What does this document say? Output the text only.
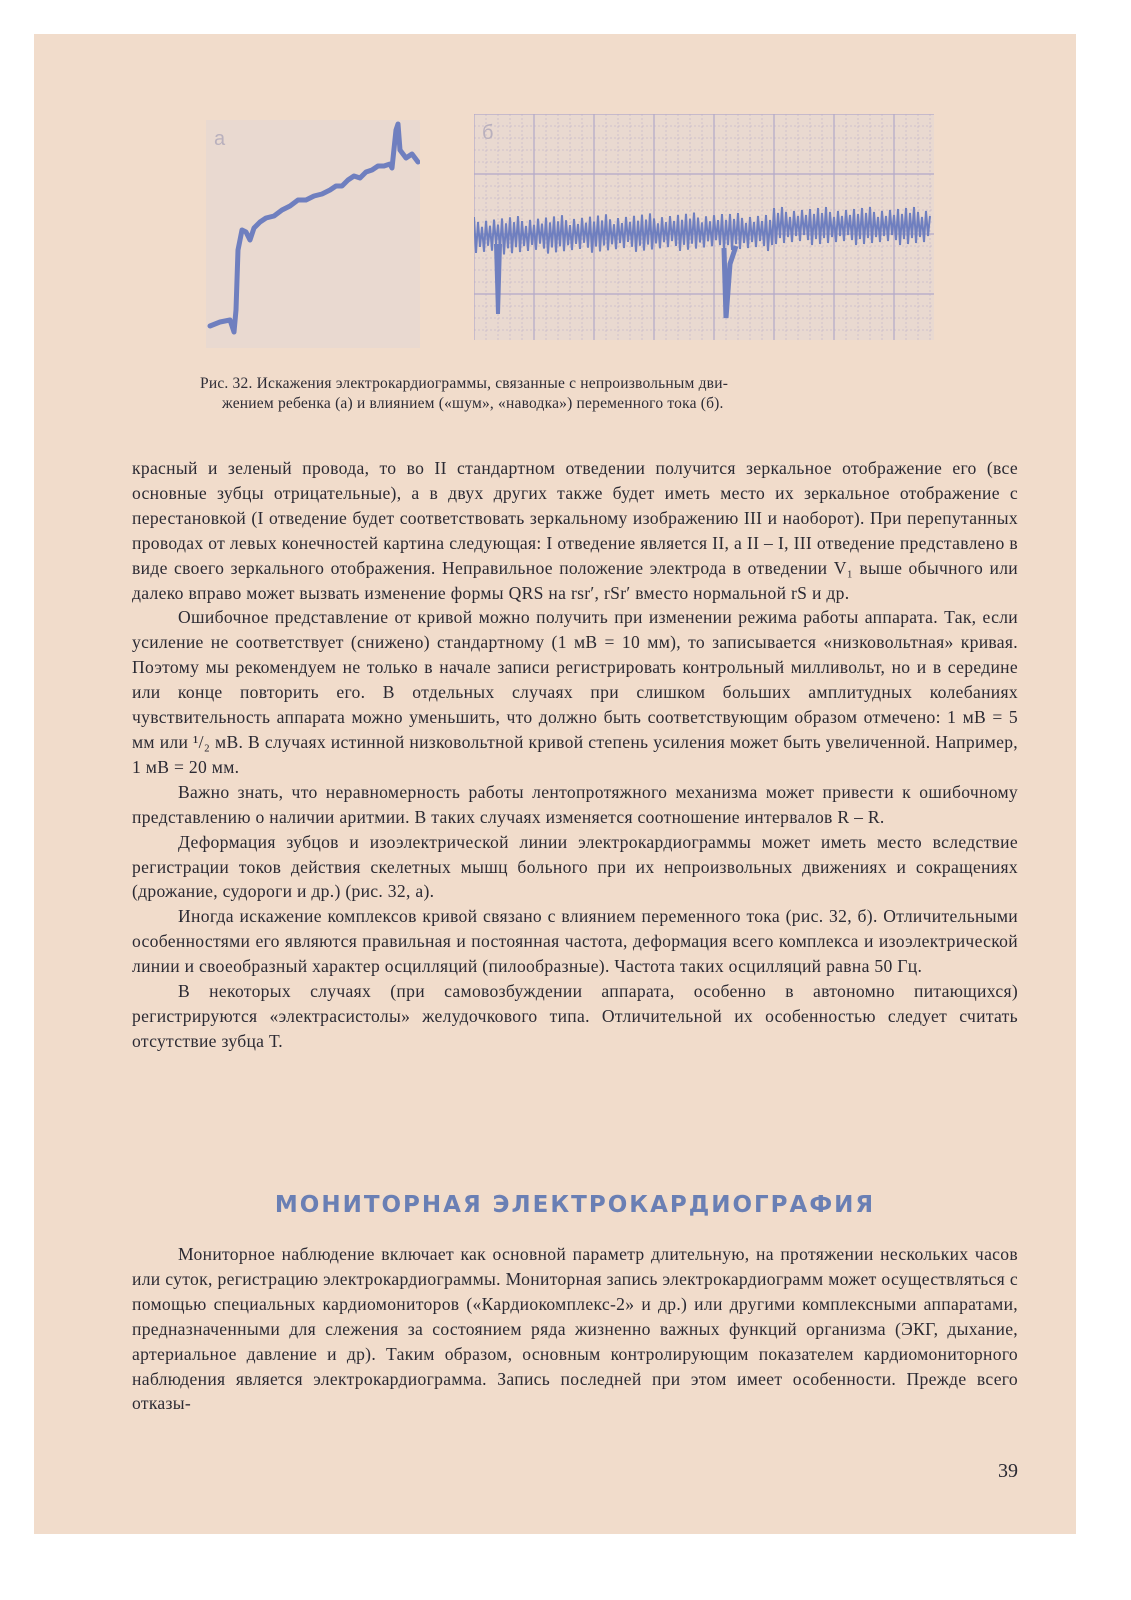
а	б

Рис. 32. Искажения электрокардиограммы, связанные с непроизвольным дви-

жением ребенка (а) и влиянием («шум», «наводка») переменного тока (б).

красный и зеленый провода, то во II стандартном отведении получится зеркальное отображение его (все основные зубцы отрицательные), а в двух других также будет иметь место их зеркальное отображение с перестановкой (I отведение будет соответствовать зеркальному изображению III и наоборот). При перепутанных проводах от левых конечностей картина следующая: I отведение является II, а II – I, III отведение представлено в виде своего зеркального отображения. Неправильное положение электрода в отведении V₁ выше обычного или далеко вправо может вызвать изменение формы QRS на rsr′, rSr′ вместо нормальной rS и др.

Ошибочное представление от кривой можно получить при изменении режима работы аппарата. Так, если усиление не соответствует (снижено) стандартному (1 мВ = 10 мм), то записывается «низковольтная» кривая. Поэтому мы рекомендуем не только в начале записи регистрировать контрольный милливольт, но и в середине или конце повторить его. В отдельных случаях при слишком больших амплитудных колебаниях чувствительность аппарата можно уменьшить, что должно быть соответствующим образом отмечено: 1 мВ = 5 мм или ¹/₂ мВ. В случаях истинной низковольтной кривой степень усиления может быть увеличенной. Например, 1 мВ = 20 мм.

Важно знать, что неравномерность работы лентопротяжного механизма может привести к ошибочному представлению о наличии аритмии. В таких случаях изменяется соотношение интервалов R – R.

Деформация зубцов и изоэлектрической линии электрокардиограммы может иметь место вследствие регистрации токов действия скелетных мышц больного при их непроизвольных движениях и сокращениях (дрожание, судороги и др.) (рис. 32, а).

Иногда искажение комплексов кривой связано с влиянием переменного тока (рис. 32, б). Отличительными особенностями его являются правильная и постоянная частота, деформация всего комплекса и изоэлектрической линии и своеобразный характер осцилляций (пилообразные). Частота таких осцилляций равна 50 Гц.

В некоторых случаях (при самовозбуждении аппарата, особенно в автономно питающихся) регистрируются «электрасистолы» желудочкового типа. Отличительной их особенностью следует считать отсутствие зубца Т.

МОНИТОРНАЯ ЭЛЕКТРОКАРДИОГРАФИЯ

Мониторное наблюдение включает как основной параметр длительную, на протяжении нескольких часов или суток, регистрацию электрокардиограммы. Мониторная запись электрокардиограмм может осуществляться с помощью специальных кардиомониторов («Кардиокомплекс-2» и др.) или другими комплексными аппаратами, предназначенными для слежения за состоянием ряда жизненно важных функций организма (ЭКГ, дыхание, артериальное давление и др). Таким образом, основным контролирующим показателем кардиомониторного наблюдения является электрокардиограмма. Запись последней при этом имеет особенности. Прежде всего отказы-

39
